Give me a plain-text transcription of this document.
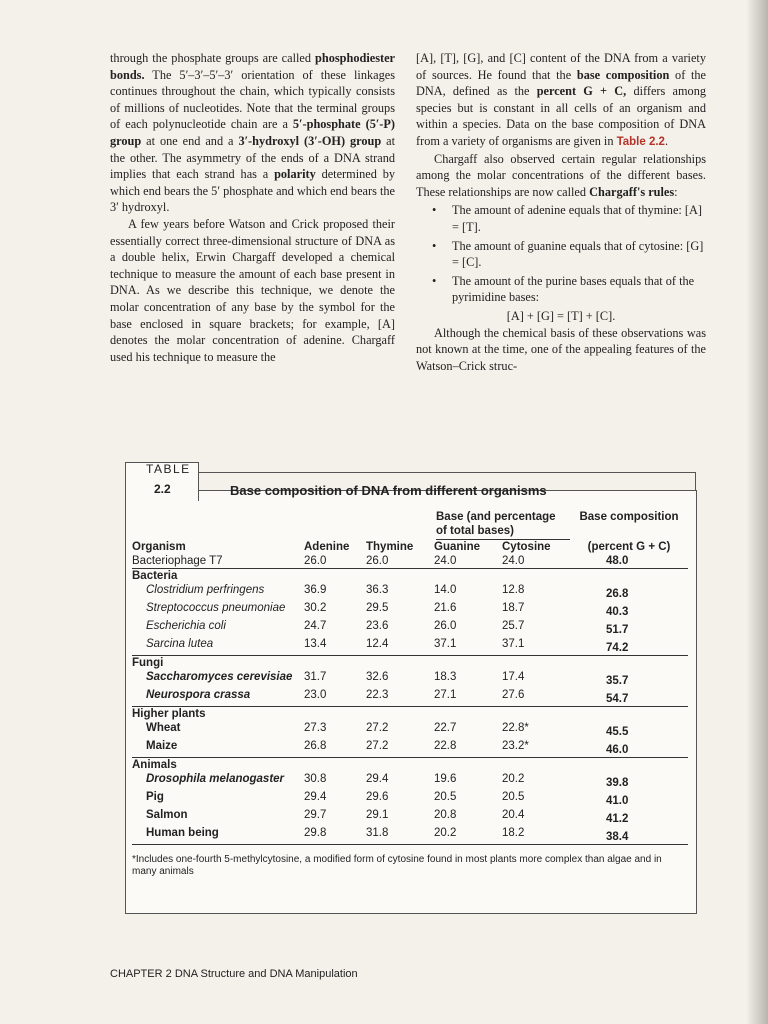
through the phosphate groups are called phosphodiester bonds. The 5′–3′–5′–3′ orientation of these linkages continues throughout the chain, which typically consists of millions of nucleotides. Note that the terminal groups of each polynucleotide chain are a 5′-phosphate (5′-P) group at one end and a 3′-hydroxyl (3′-OH) group at the other. The asymmetry of the ends of a DNA strand implies that each strand has a polarity determined by which end bears the 5′ phosphate and which end bears the 3′ hydroxyl.

A few years before Watson and Crick proposed their essentially correct three-dimensional structure of DNA as a double helix, Erwin Chargaff developed a chemical technique to measure the amount of each base present in DNA. As we describe this technique, we denote the molar concentration of any base by the symbol for the base enclosed in square brackets; for example, [A] denotes the molar concentration of adenine. Chargaff used his technique to measure the

[A], [T], [G], and [C] content of the DNA from a variety of sources. He found that the base composition of the DNA, defined as the percent G + C, differs among species but is constant in all cells of an organism and within a species. Data on the base composition of DNA from a variety of organisms are given in Table 2.2.

Chargaff also observed certain regular relationships among the molar concentrations of the different bases. These relationships are now called Chargaff's rules:

• The amount of adenine equals that of thymine: [A] = [T].
• The amount of guanine equals that of cytosine: [G] = [C].
• The amount of the purine bases equals that of the pyrimidine bases:

[A] + [G] = [T] + [C].

Although the chemical basis of these observations was not known at the time, one of the appealing features of the Watson–Crick struc-

TABLE
2.2	Base composition of DNA from different organisms
	Base (and percentage of total bases)				Base composition
Organism	Adenine	Thymine	Guanine	Cytosine	(percent G + C)
Bacteriophage T7	26.0	26.0	24.0	24.0	48.0
Bacteria					
Clostridium perfringens	36.9	36.3	14.0	12.8	26.8
Streptococcus pneumoniae	30.2	29.5	21.6	18.7	40.3
Escherichia coli	24.7	23.6	26.0	25.7	51.7
Sarcina lutea	13.4	12.4	37.1	37.1	74.2
Fungi					
Saccharomyces cerevisiae	31.7	32.6	18.3	17.4	35.7
Neurospora crassa	23.0	22.3	27.1	27.6	54.7
Higher plants					
Wheat	27.3	27.2	22.7	22.8*	45.5
Maize	26.8	27.2	22.8	23.2*	46.0
Animals					
Drosophila melanogaster	30.8	29.4	19.6	20.2	39.8
Pig	29.4	29.6	20.5	20.5	41.0
Salmon	29.7	29.1	20.8	20.4	41.2
Human being	29.8	31.8	20.2	18.2	38.4
*Includes one-fourth 5-methylcytosine, a modified form of cytosine found in most plants more complex than algae and in many animals
CHAPTER 2 DNA Structure and DNA Manipulation
